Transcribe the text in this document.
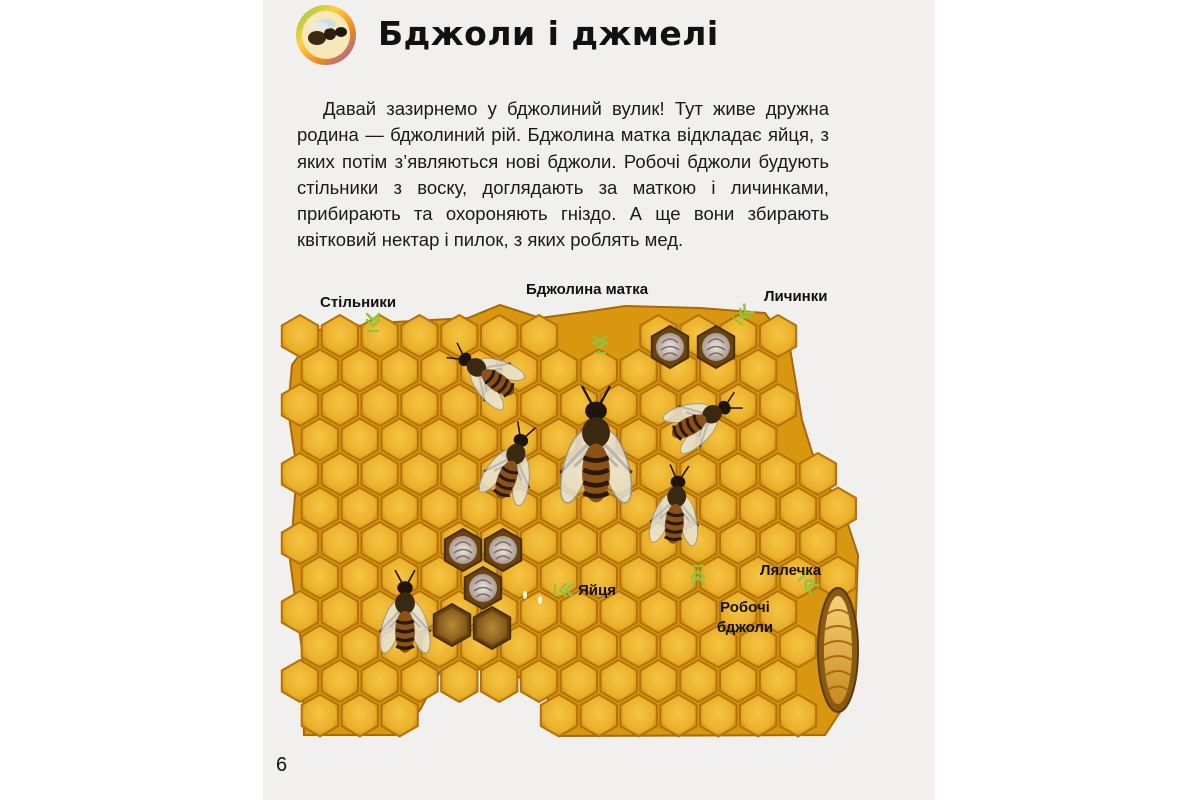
Бджоли і джмелі

Давай зазирнемо у бджолиний вулик! Тут живе дружна родина — бджолиний рій. Бджолина матка відкладає яйця, з яких потім з’являються нові бджоли. Робочі бджоли будують стільники з воску, доглядають за маткою і личинками, прибирають та охороняють гніздо. А ще вони збирають квітковий нектар і пилок, з яких роблять мед.

Стільники
Бджолина матка	Личинки
Яйця
Лялечка
Робочі
бджоли
6
